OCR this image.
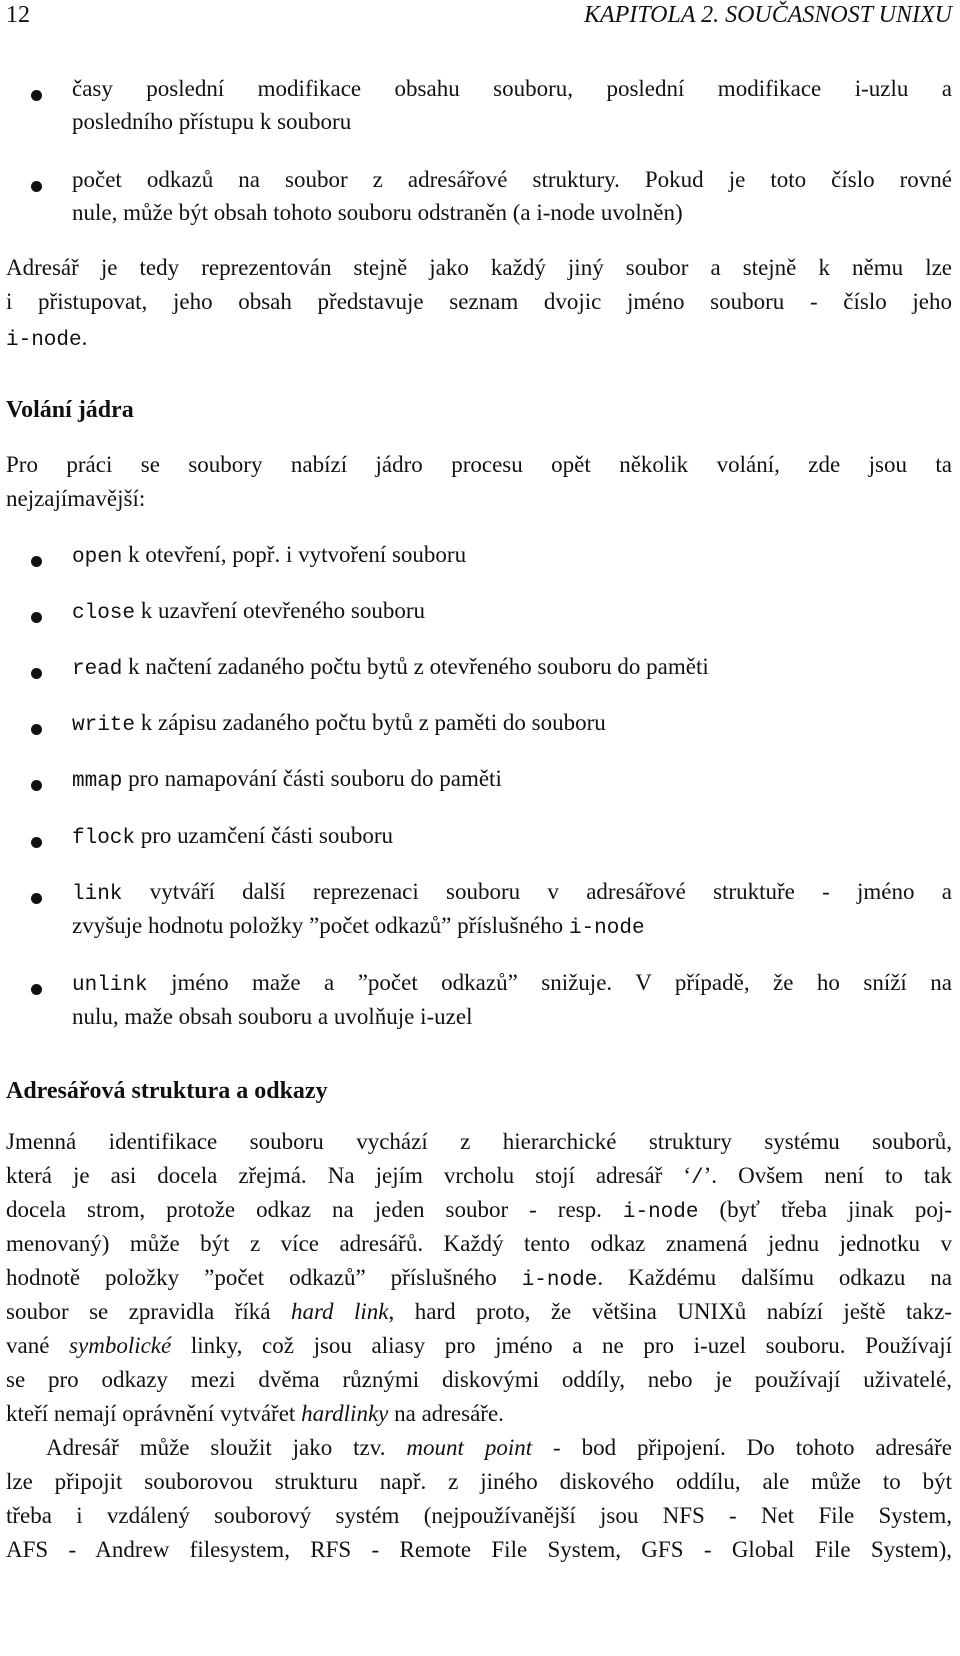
12	KAPITOLA 2. SOUČASNOST UNIXU
časy poslední modifikace obsahu souboru, poslední modifikace i-uzlu a
posledního přístupu k souboru
počet odkazů na soubor z adresářové struktury. Pokud je toto číslo rovné
nule, může být obsah tohoto souboru odstraněn (a i-node uvolněn)
Adresář je tedy reprezentován stejně jako každý jiný soubor a stejně k němu lze
i přistupovat, jeho obsah představuje seznam dvojic jméno souboru - číslo jeho
i-node.
Volání jádra
Pro práci se soubory nabízí jádro procesu opět několik volání, zde jsou ta
nejzajímavější:
open k otevření, popř. i vytvoření souboru
close k uzavření otevřeného souboru
read k načtení zadaného počtu bytů z otevřeného souboru do paměti
write k zápisu zadaného počtu bytů z paměti do souboru
mmap pro namapování části souboru do paměti
flock pro uzamčení části souboru
link vytváří další reprezenaci souboru v adresářové struktuře - jméno a
zvyšuje hodnotu položky ”počet odkazů” příslušného i-node
unlink jméno maže a ”počet odkazů” snižuje. V případě, že ho sníží na
nulu, maže obsah souboru a uvolňuje i-uzel
Adresářová struktura a odkazy
Jmenná identifikace souboru vychází z hierarchické struktury systému souborů,
která je asi docela zřejmá. Na jejím vrcholu stojí adresář ‘/’. Ovšem není to tak
docela strom, protože odkaz na jeden soubor - resp. i-node (byť třeba jinak poj-
menovaný) může být z více adresářů. Každý tento odkaz znamená jednu jednotku v
hodnotě položky ”počet odkazů” příslušného i-node. Každému dalšímu odkazu na
soubor se zpravidla říká hard link, hard proto, že většina UNIXů nabízí ještě takz-
vané symbolické linky, což jsou aliasy pro jméno a ne pro i-uzel souboru. Používají
se pro odkazy mezi dvěma různými diskovými oddíly, nebo je používají uživatelé,
kteří nemají oprávnění vytvářet hardlinky na adresáře.
Adresář může sloužit jako tzv. mount point - bod připojení. Do tohoto adresáře
lze připojit souborovou strukturu např. z jiného diskového oddílu, ale může to být
třeba i vzdálený souborový systém (nejpoužívanější jsou NFS - Net File System,
AFS - Andrew filesystem, RFS - Remote File System, GFS - Global File System),
